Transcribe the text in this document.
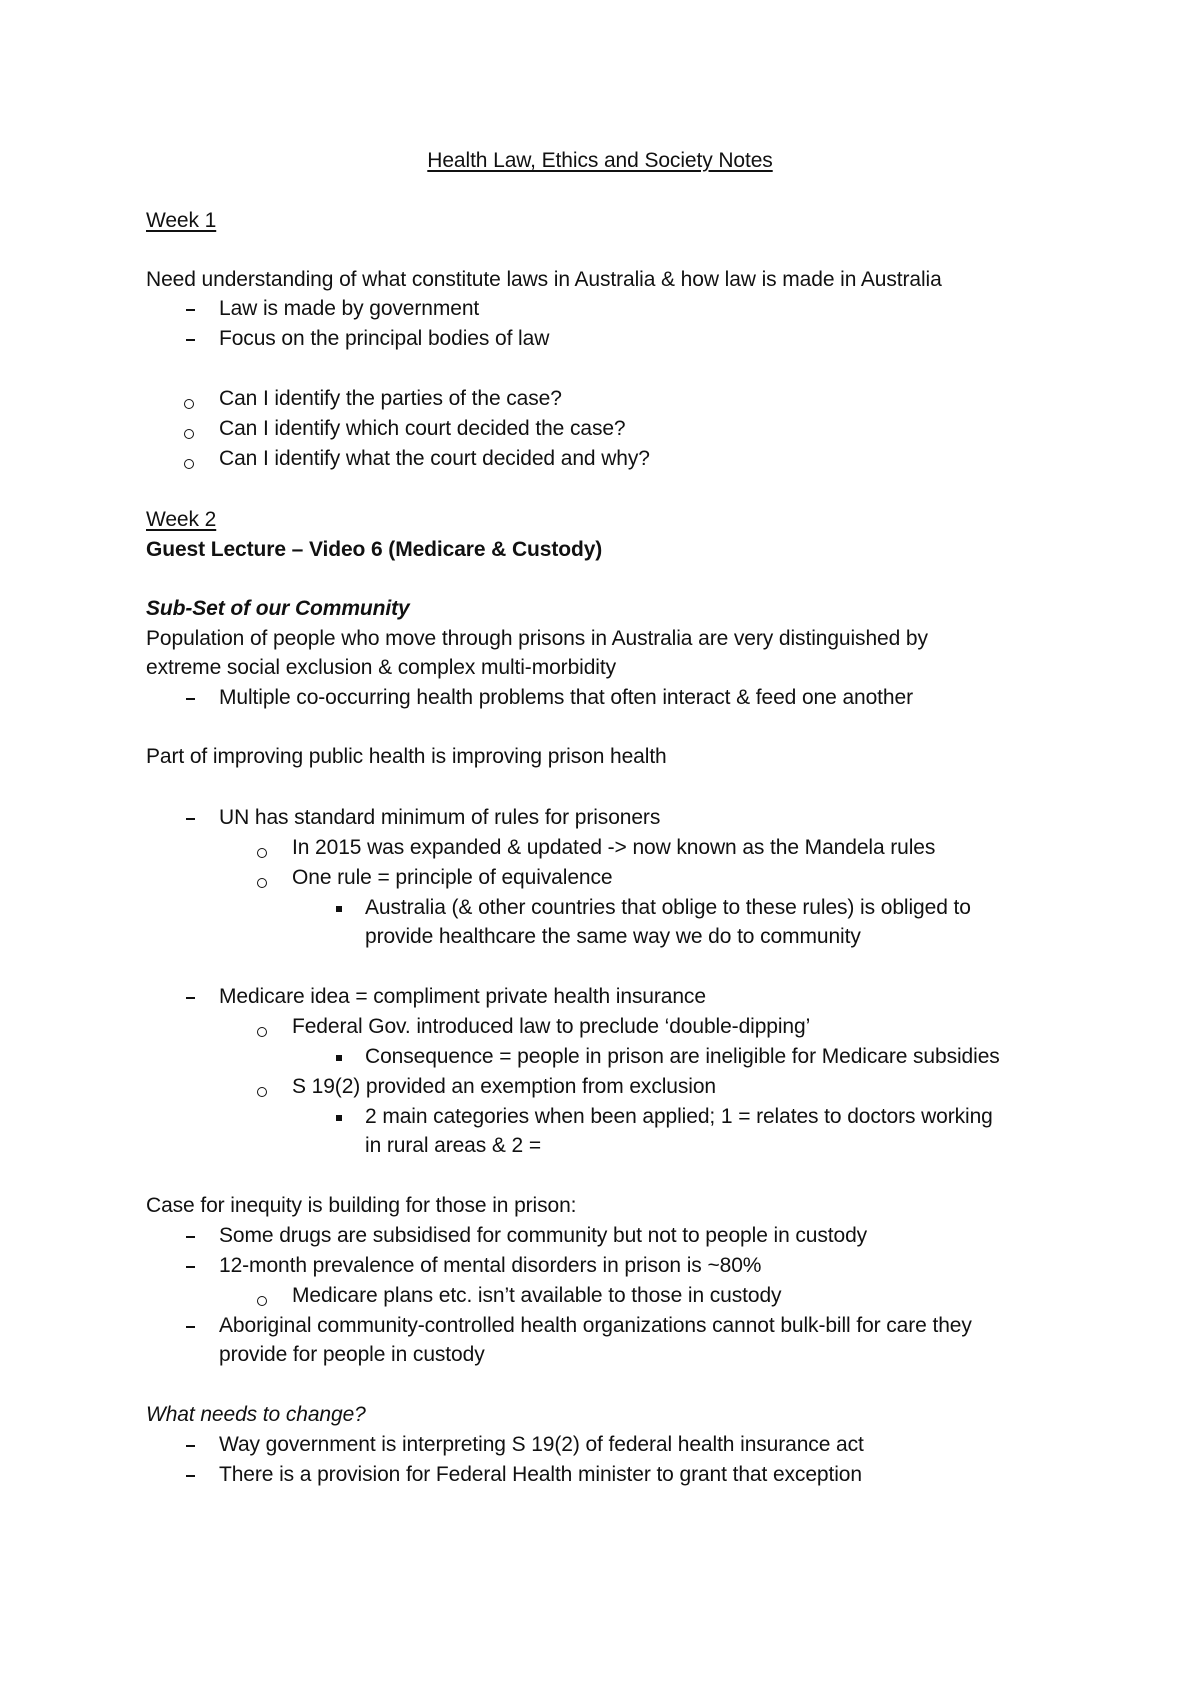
Health Law, Ethics and Society Notes
Week 1
Need understanding of what constitute laws in Australia & how law is made in Australia
Law is made by government
Focus on the principal bodies of law
Can I identify the parties of the case?
Can I identify which court decided the case?
Can I identify what the court decided and why?
Week 2
Guest Lecture – Video 6 (Medicare & Custody)
Sub-Set of our Community
Population of people who move through prisons in Australia are very distinguished by
extreme social exclusion & complex multi-morbidity
Multiple co-occurring health problems that often interact & feed one another
Part of improving public health is improving prison health
UN has standard minimum of rules for prisoners
In 2015 was expanded & updated -> now known as the Mandela rules
One rule = principle of equivalence
Australia (& other countries that oblige to these rules) is obliged to
provide healthcare the same way we do to community
Medicare idea = compliment private health insurance
Federal Gov. introduced law to preclude ‘double-dipping’
Consequence = people in prison are ineligible for Medicare subsidies
S 19(2) provided an exemption from exclusion
2 main categories when been applied; 1 = relates to doctors working
in rural areas & 2 =
Case for inequity is building for those in prison:
Some drugs are subsidised for community but not to people in custody
12-month prevalence of mental disorders in prison is ~80%
Medicare plans etc. isn’t available to those in custody
Aboriginal community-controlled health organizations cannot bulk-bill for care they
provide for people in custody
What needs to change?
Way government is interpreting S 19(2) of federal health insurance act
There is a provision for Federal Health minister to grant that exception
